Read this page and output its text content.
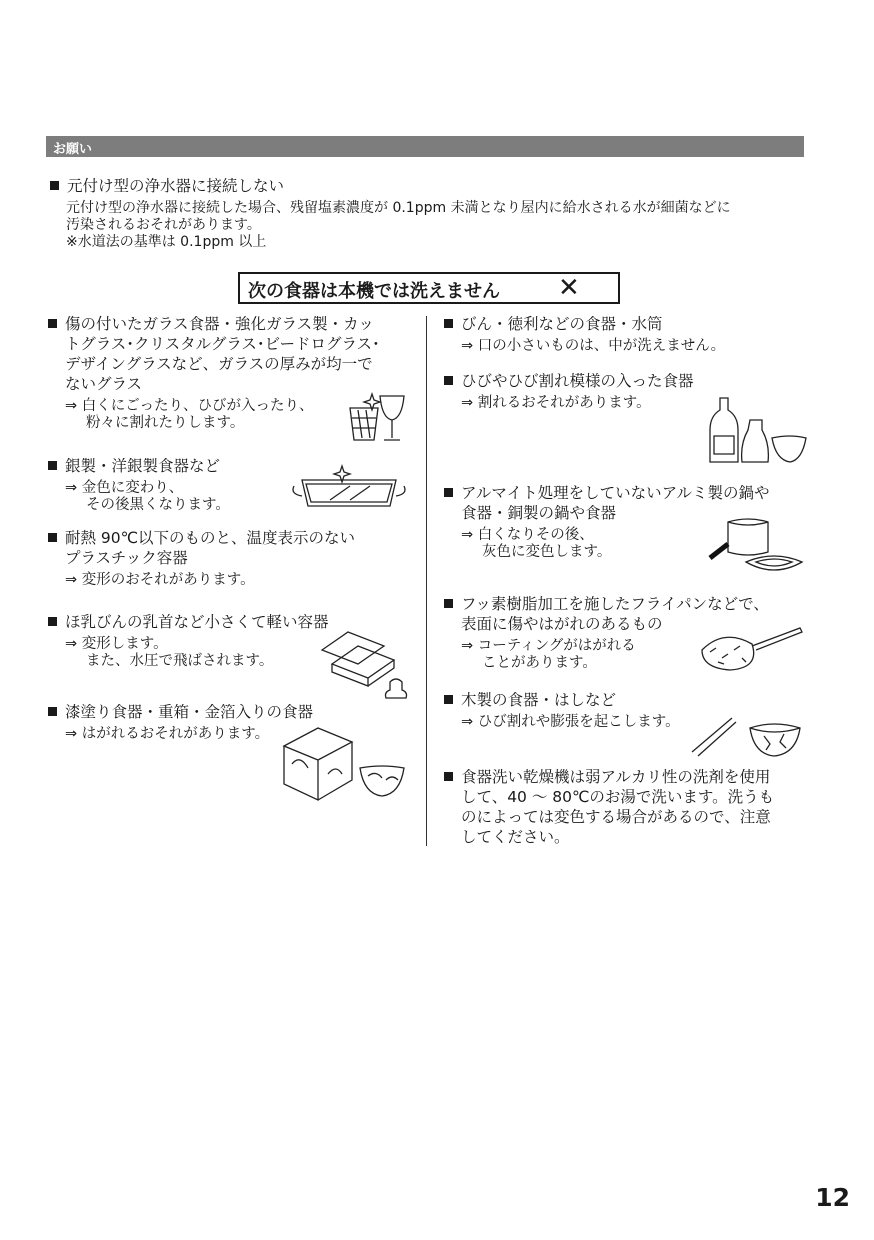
お願い
元付け型の浄水器に接続しない
元付け型の浄水器に接続した場合、残留塩素濃度が 0.1ppm 未満となり屋内に給水される水が細菌などに
汚染されるおそれがあります。
※水道法の基準は 0.1ppm 以上
次の食器は本機では洗えません ✕
傷の付いたガラス食器・強化ガラス製・カッ
トグラス･クリスタルグラス･ビードログラス･
デザイングラスなど、ガラスの厚みが均一で
ないグラス
⇒ 白くにごったり、ひびが入ったり、
粉々に割れたりします。
銀製・洋銀製食器など
⇒ 金色に変わり、
その後黒くなります。
耐熱 90℃以下のものと、温度表示のない
プラスチック容器
⇒ 変形のおそれがあります。
ほ乳びんの乳首など小さくて軽い容器
⇒ 変形します。
また、水圧で飛ばされます。
漆塗り食器・重箱・金箔入りの食器
⇒ はがれるおそれがあります。
びん・徳利などの食器・水筒
⇒ 口の小さいものは、中が洗えません。
ひびやひび割れ模様の入った食器
⇒ 割れるおそれがあります。
アルマイト処理をしていないアルミ製の鍋や
食器・銅製の鍋や食器
⇒ 白くなりその後、
灰色に変色します。
フッ素樹脂加工を施したフライパンなどで、
表面に傷やはがれのあるもの
⇒ コーティングがはがれる
ことがあります。
木製の食器・はしなど
⇒ ひび割れや膨張を起こします。
食器洗い乾燥機は弱アルカリ性の洗剤を使用
して、40 ～ 80℃のお湯で洗います。洗うも
のによっては変色する場合があるので、注意
してください。
12
